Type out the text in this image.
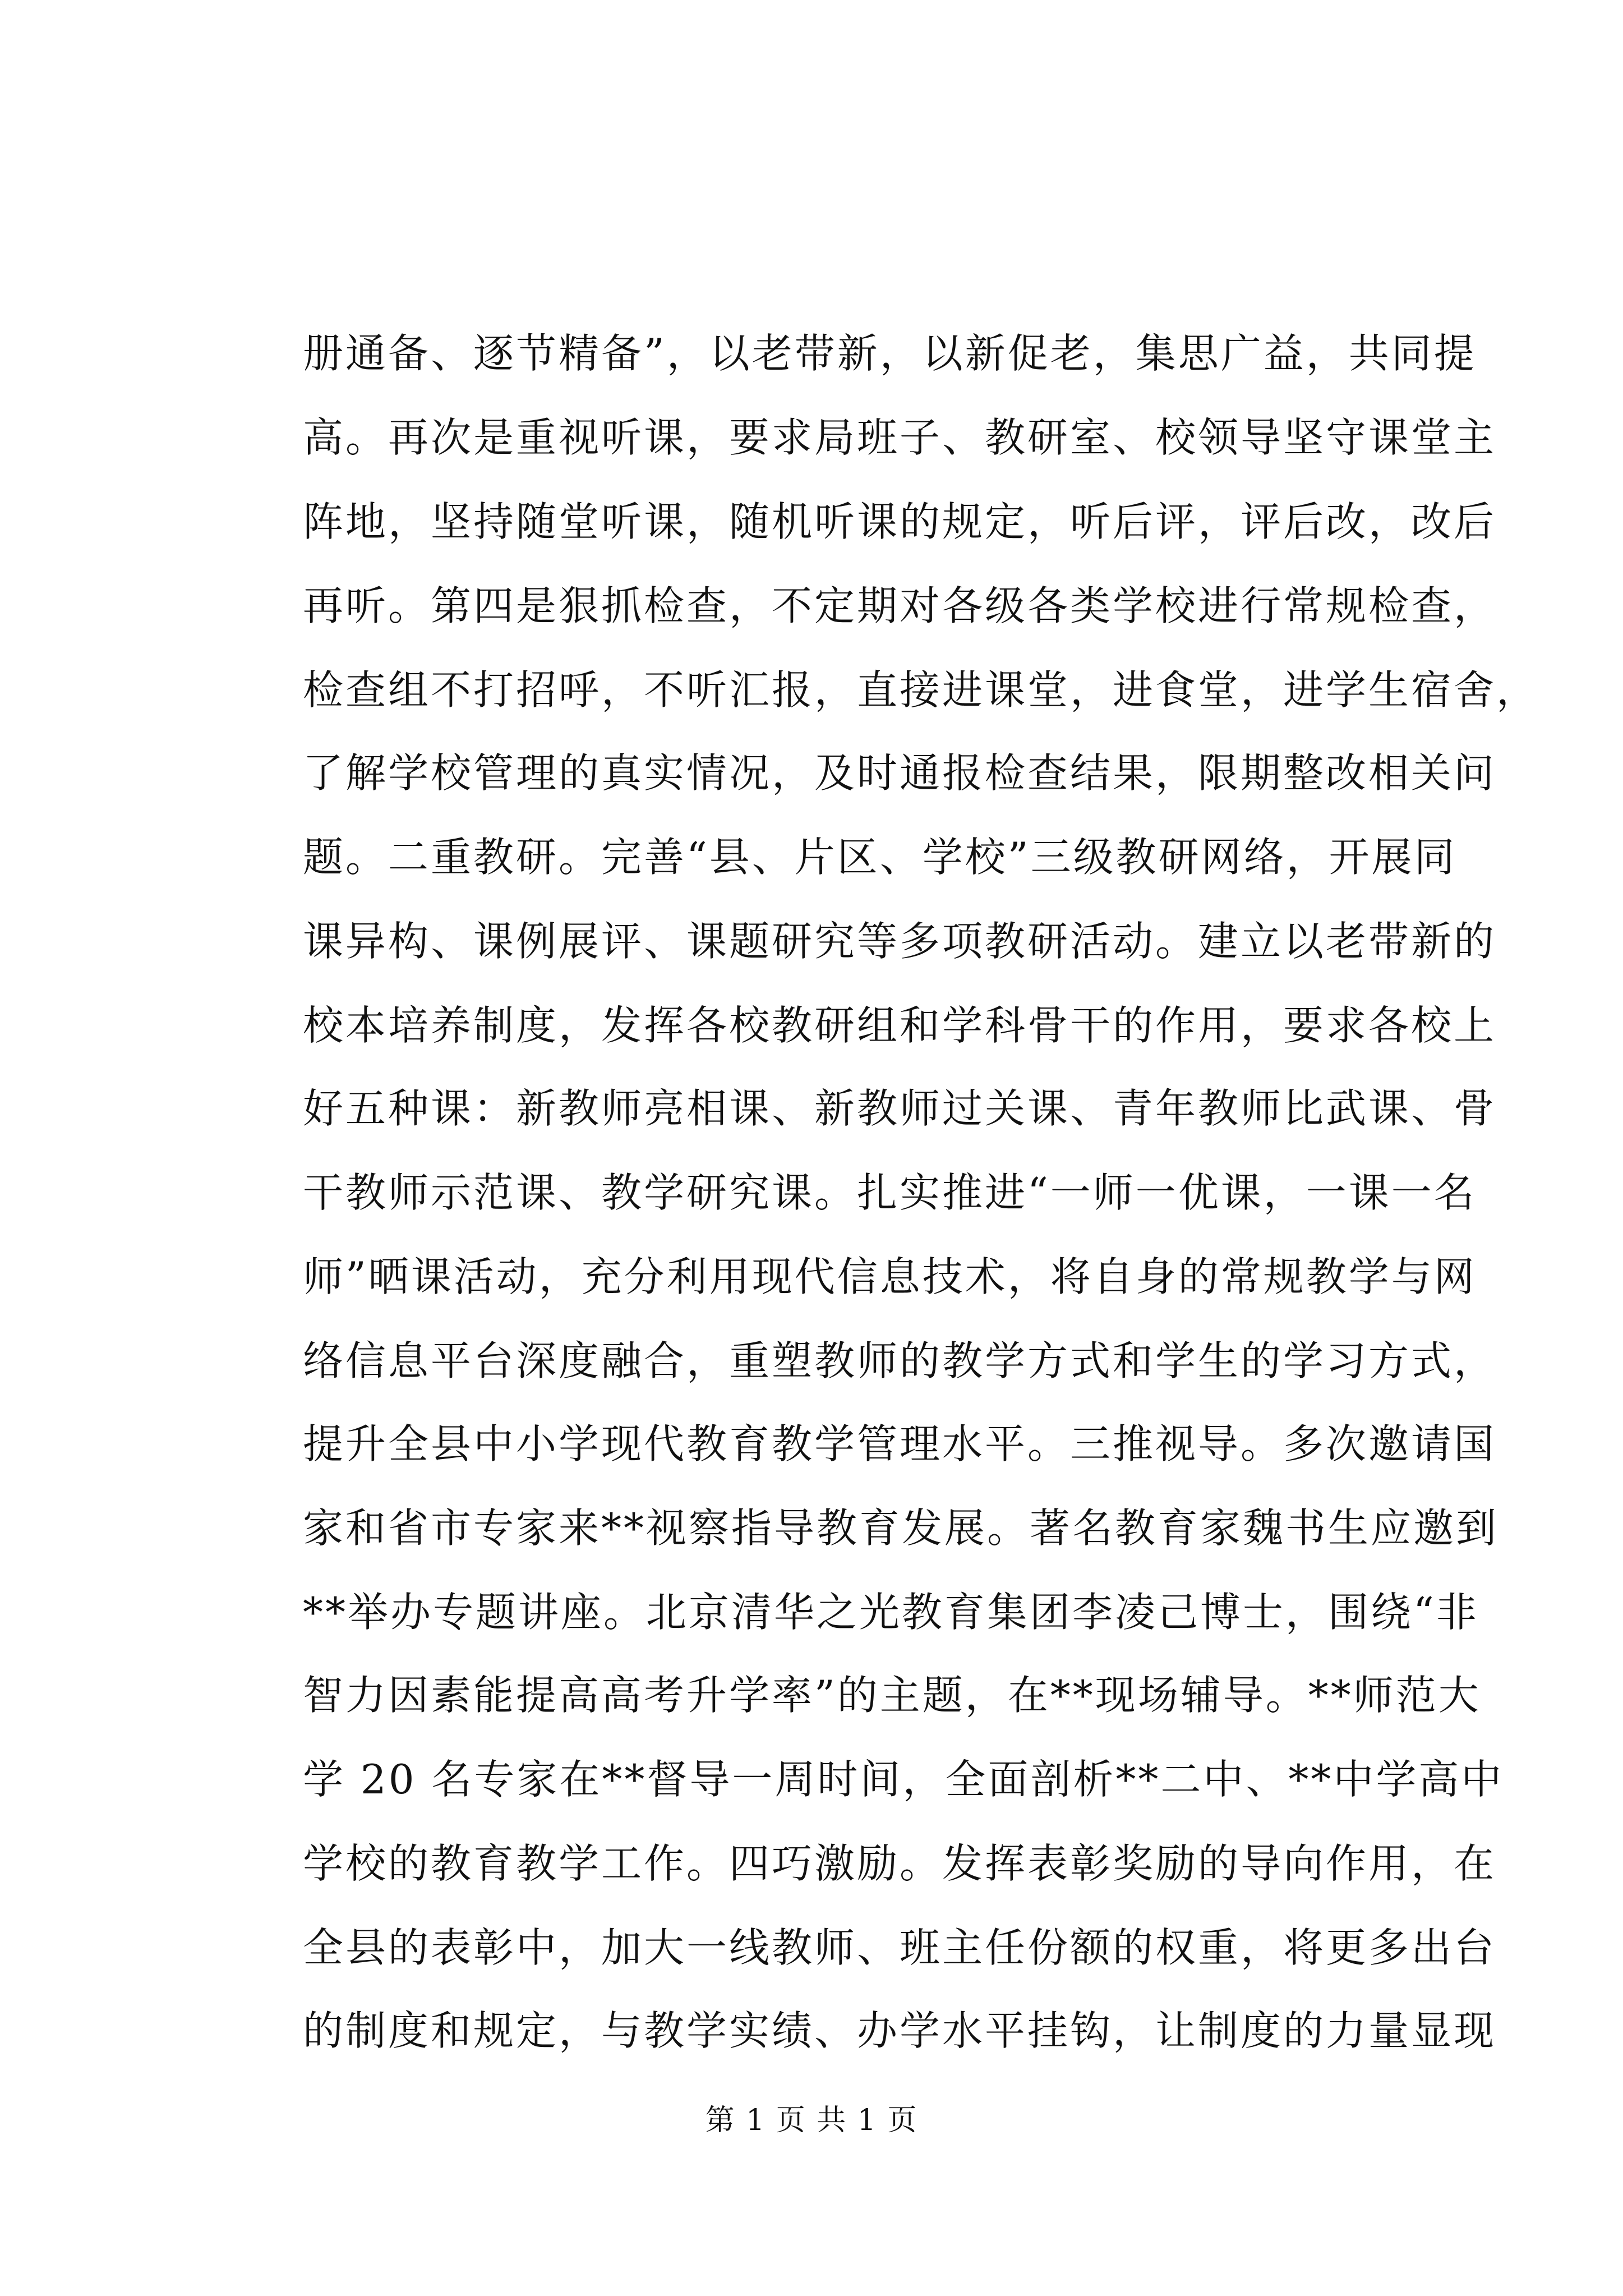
册通备、逐节精备”，以老带新，以新促老，集思广益，共同提
高。再次是重视听课，要求局班子、教研室、校领导坚守课堂主
阵地，坚持随堂听课，随机听课的规定，听后评，评后改，改后
再听。第四是狠抓检查，不定期对各级各类学校进行常规检查，
检查组不打招呼，不听汇报，直接进课堂，进食堂，进学生宿舍，
了解学校管理的真实情况，及时通报检查结果，限期整改相关问
题。二重教研。完善“县、片区、学校”三级教研网络，开展同
课异构、课例展评、课题研究等多项教研活动。建立以老带新的
校本培养制度，发挥各校教研组和学科骨干的作用，要求各校上
好五种课：新教师亮相课、新教师过关课、青年教师比武课、骨
干教师示范课、教学研究课。扎实推进“一师一优课，一课一名
师”晒课活动，充分利用现代信息技术，将自身的常规教学与网
络信息平台深度融合，重塑教师的教学方式和学生的学习方式，
提升全县中小学现代教育教学管理水平。三推视导。多次邀请国
家和省市专家来**视察指导教育发展。著名教育家魏书生应邀到
**举办专题讲座。北京清华之光教育集团李凌己博士，围绕“非
智力因素能提高高考升学率”的主题，在**现场辅导。**师范大
学 20 名专家在**督导一周时间，全面剖析**二中、**中学高中
学校的教育教学工作。四巧激励。发挥表彰奖励的导向作用，在
全县的表彰中，加大一线教师、班主任份额的权重，将更多出台
的制度和规定，与教学实绩、办学水平挂钩，让制度的力量显现
第 1 页 共 1 页
